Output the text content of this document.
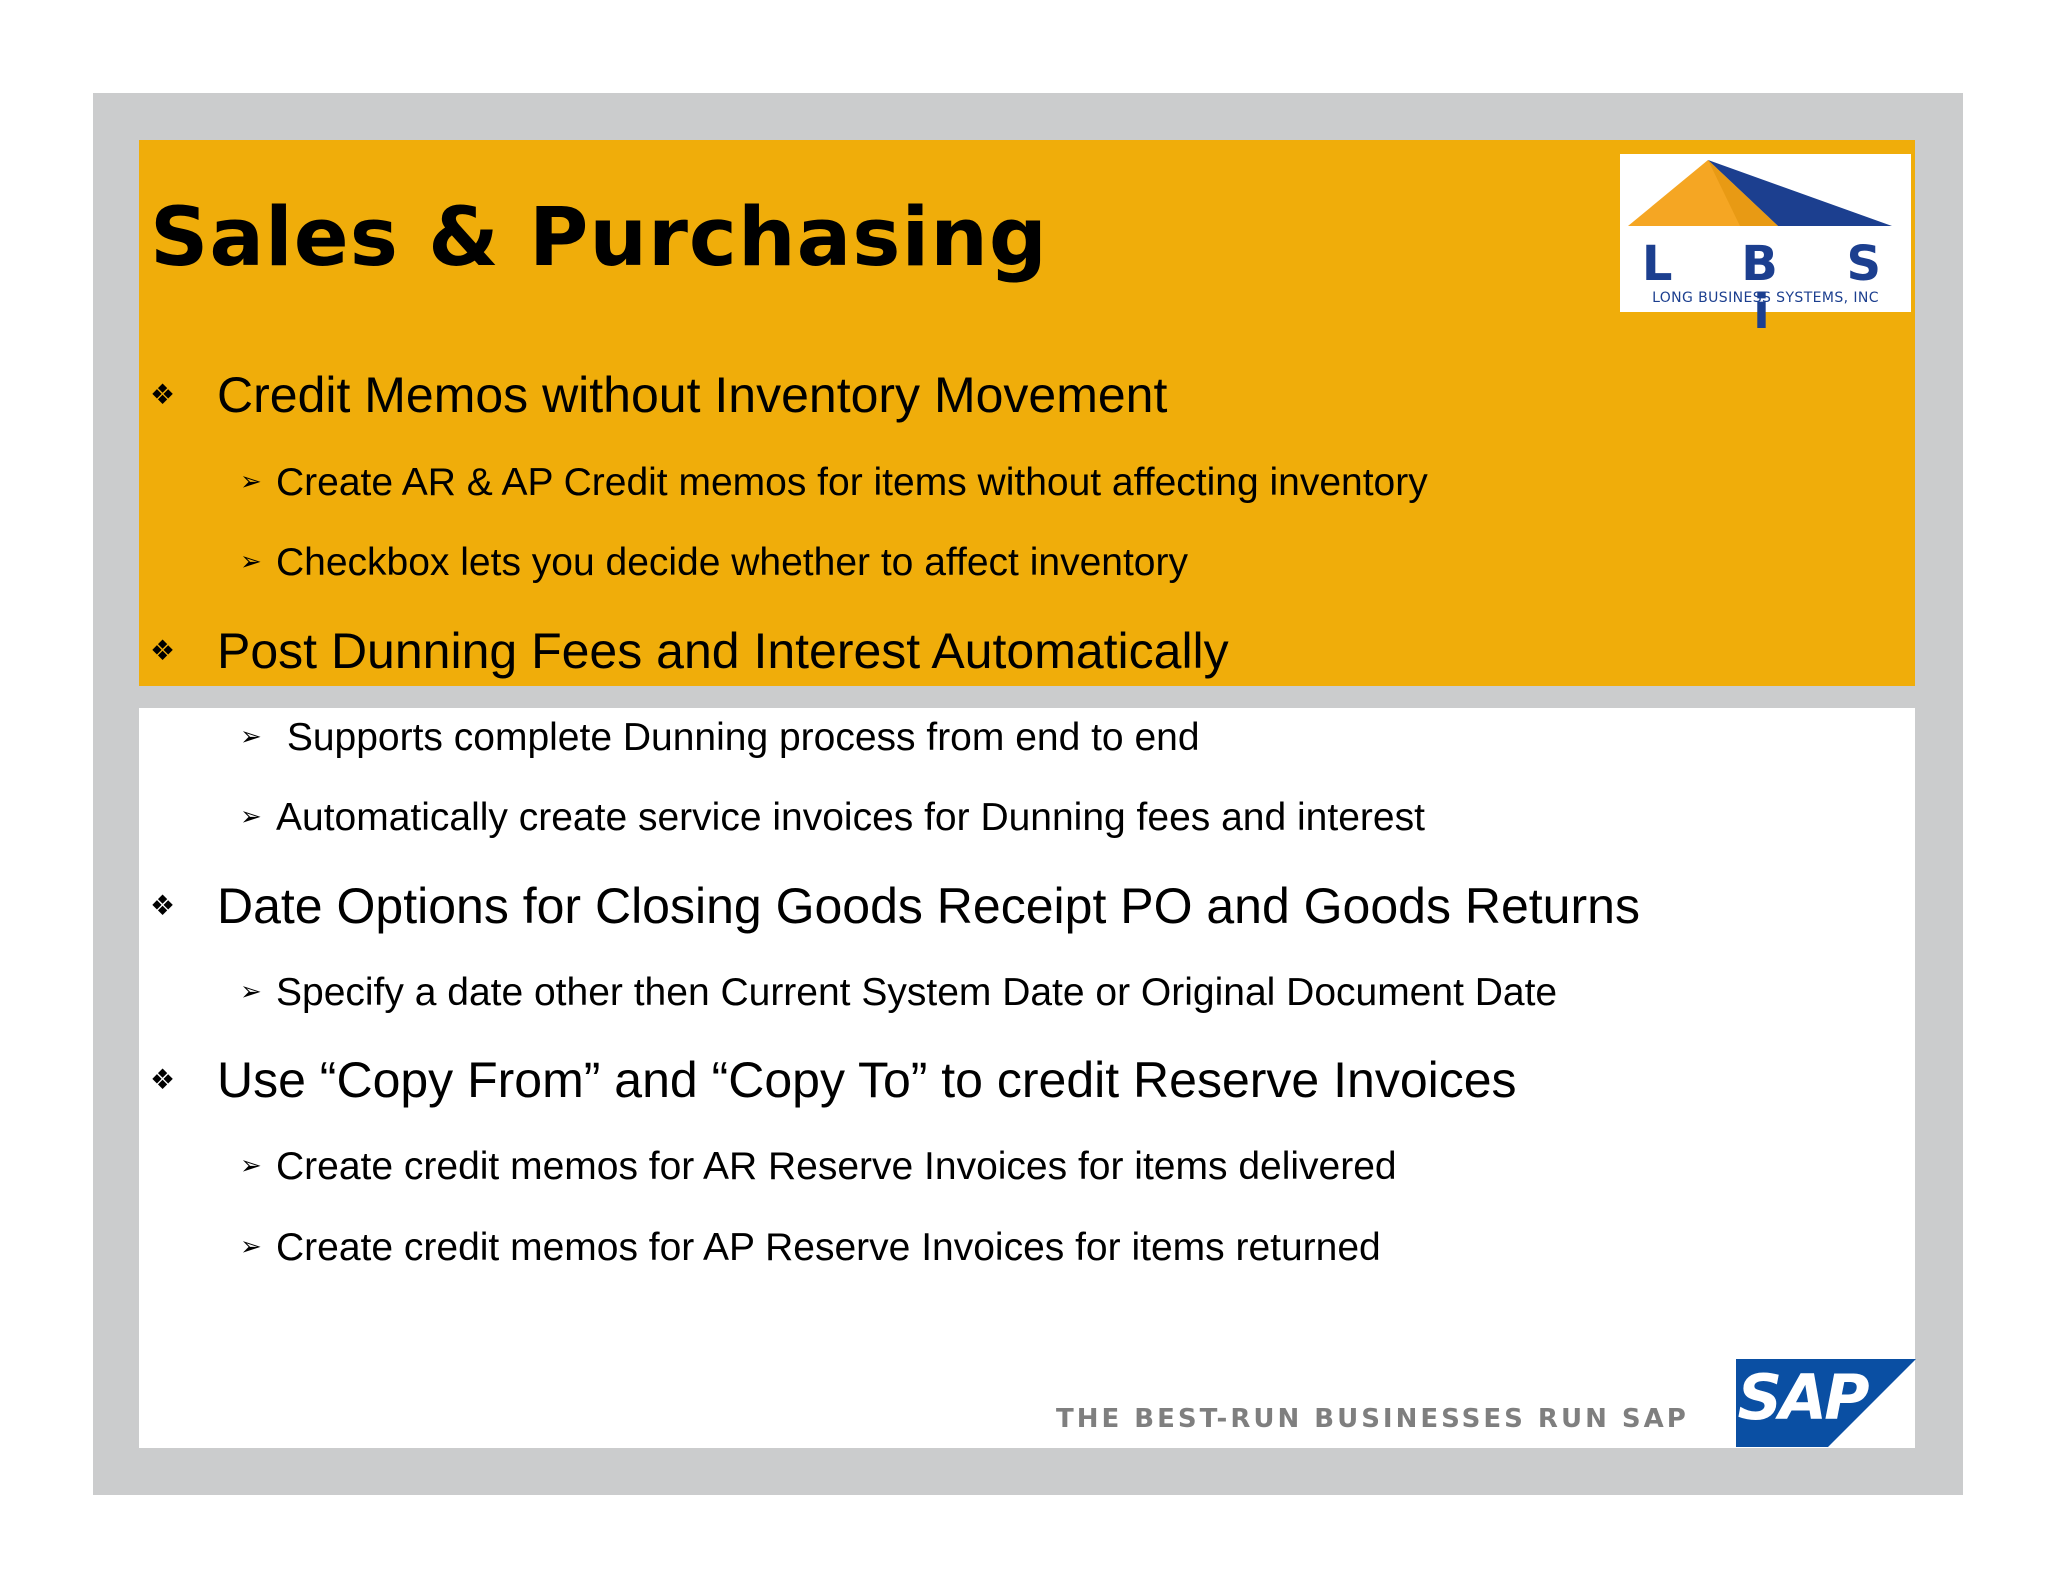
Sales & Purchasing	L B S i
LONG BUSINESS SYSTEMS, INC
❖ Credit Memos without Inventory Movement
➢ Create AR & AP Credit memos for items without affecting inventory
➢ Checkbox lets you decide whether to affect inventory
❖ Post Dunning Fees and Interest Automatically
➢ Supports complete Dunning process from end to end
➢ Automatically create service invoices for Dunning fees and interest
❖ Date Options for Closing Goods Receipt PO and Goods Returns
➢ Specify a date other then Current System Date or Original Document Date
❖ Use “Copy From” and “Copy To” to credit Reserve Invoices
➢ Create credit memos for AR Reserve Invoices for items delivered
➢ Create credit memos for AP Reserve Invoices for items returned
THE BEST-RUN BUSINESSES RUN SAP SAP
